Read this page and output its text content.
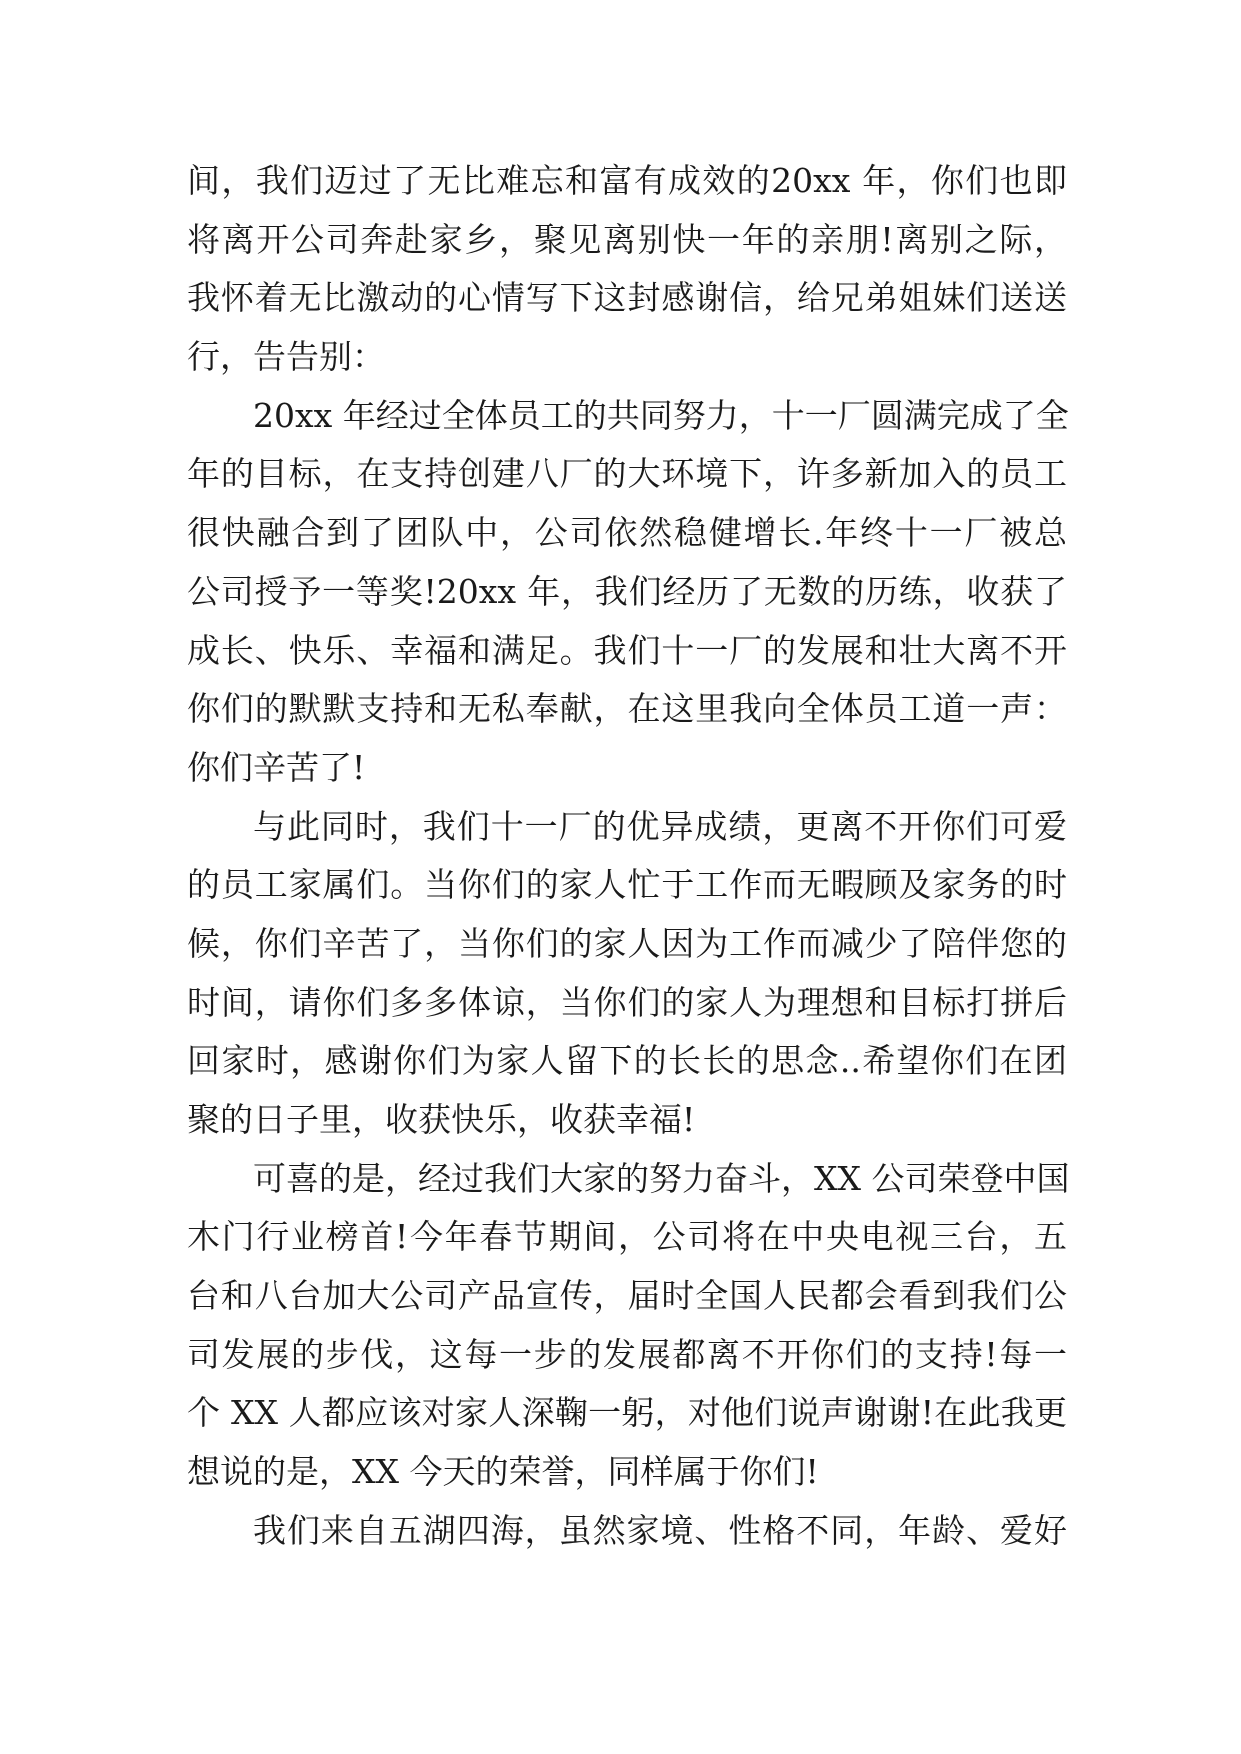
间，我们迈过了无比难忘和富有成效的20xx 年，你们也即
将离开公司奔赴家乡，聚见离别快一年的亲朋!离别之际，
我怀着无比激动的心情写下这封感谢信，给兄弟姐妹们送送
行，告告别：
20xx 年经过全体员工的共同努力，十一厂圆满完成了全
年的目标，在支持创建八厂的大环境下，许多新加入的员工
很快融合到了团队中，公司依然稳健增长.年终十一厂被总
公司授予一等奖!20xx 年，我们经历了无数的历练，收获了
成长、快乐、幸福和满足。我们十一厂的发展和壮大离不开
你们的默默支持和无私奉献，在这里我向全体员工道一声：
你们辛苦了!
与此同时，我们十一厂的优异成绩，更离不开你们可爱
的员工家属们。当你们的家人忙于工作而无暇顾及家务的时
候，你们辛苦了，当你们的家人因为工作而减少了陪伴您的
时间，请你们多多体谅，当你们的家人为理想和目标打拼后
回家时，感谢你们为家人留下的长长的思念..希望你们在团
聚的日子里，收获快乐，收获幸福!
可喜的是，经过我们大家的努力奋斗，XX 公司荣登中国
木门行业榜首!今年春节期间，公司将在中央电视三台，五
台和八台加大公司产品宣传，届时全国人民都会看到我们公
司发展的步伐，这每一步的发展都离不开你们的支持!每一
个 XX 人都应该对家人深鞠一躬，对他们说声谢谢!在此我更
想说的是，XX 今天的荣誉，同样属于你们!
我们来自五湖四海，虽然家境、性格不同，年龄、爱好
